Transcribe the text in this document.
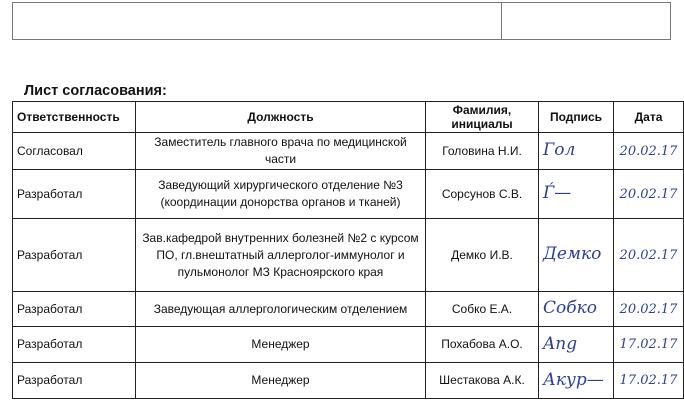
Лист согласования:
Ответственность	Должность	Фамилия, инициалы	Подпись	Дата
Согласовал	Заместитель главного врача по медицинской части	Головина Н.И.	Гол	20.02.17
Разработал	Заведующий хирургического отделение №3 (координации донорства органов и тканей)	Сорсунов С.В.	Ѓ—	20.02.17
Разработал	Зав.кафедрой внутренних болезней №2 с курсом ПО, гл.внештатный аллерголог-иммунолог и пульмонолог МЗ Красноярского края	Демко И.В.	Демко	20.02.17
Разработал	Заведующая аллергологическим отделением	Собко Е.А.	Собко	20.02.17
Разработал	Менеджер	Похабова А.О.	Ang	17.02.17
Разработал	Менеджер	Шестакова А.К.	Акур—	17.02.17
